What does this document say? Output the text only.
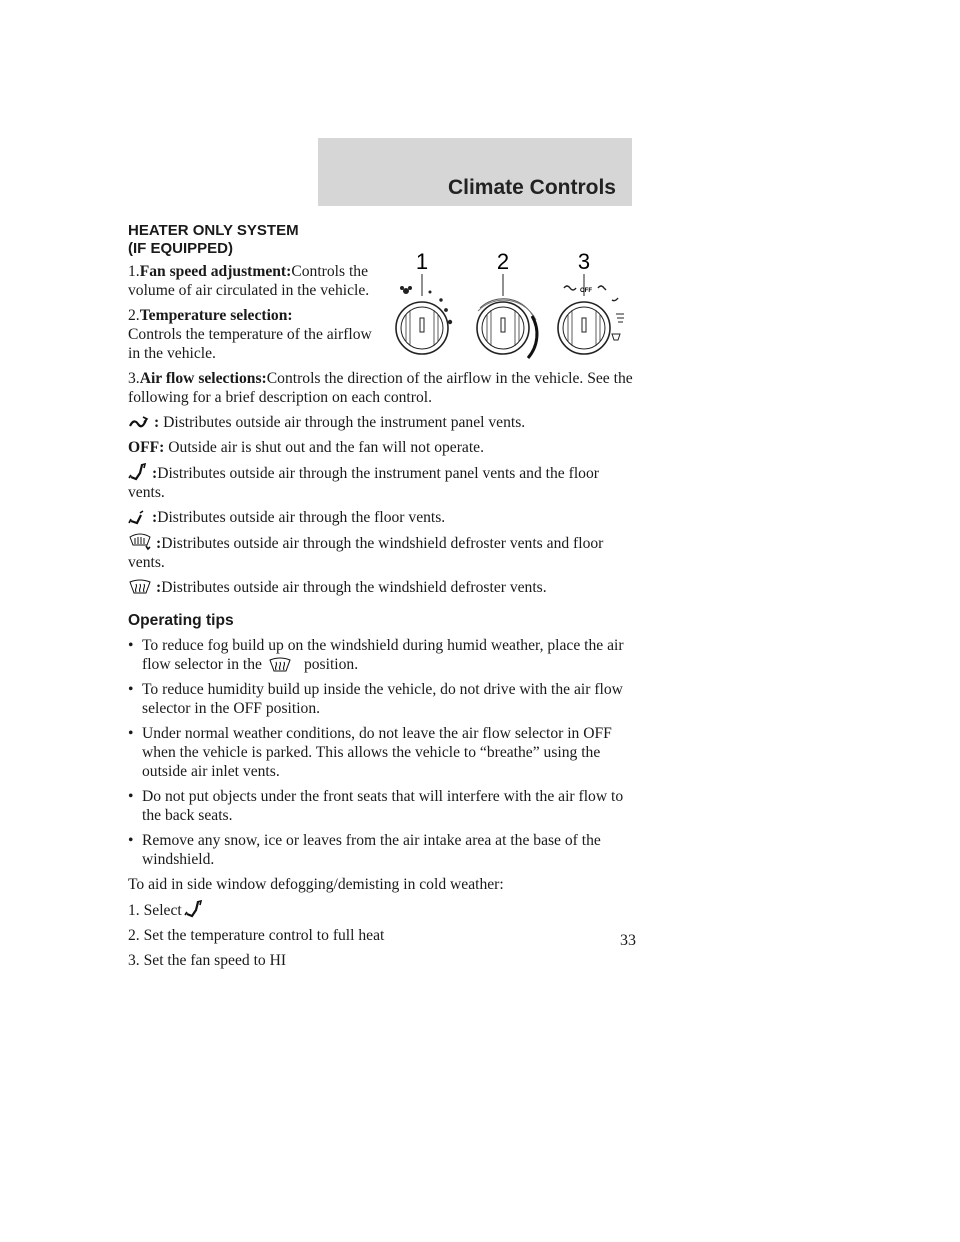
Climate Controls
1	2	3
OFF
HEATER ONLY SYSTEM
(IF EQUIPPED)

1.Fan speed adjustment:Controls the volume of air circulated in the vehicle.

2.Temperature selection:
Controls the temperature of the airflow in the vehicle.

3.Air flow selections:Controls the direction of the airflow in the vehicle. See the following for a brief description on each control.

: Distributes outside air through the instrument panel vents.

OFF: Outside air is shut out and the fan will not operate.

:Distributes outside air through the instrument panel vents and the floor vents.

:Distributes outside air through the floor vents.

:Distributes outside air through the windshield defroster vents and floor vents.

:Distributes outside air through the windshield defroster vents.

Operating tips
• To reduce fog build up on the windshield during humid weather, place the air flow selector in the	position.
• To reduce humidity build up inside the vehicle, do not drive with the air flow selector in the OFF position.
• Under normal weather conditions, do not leave the air flow selector in OFF when the vehicle is parked. This allows the vehicle to “breathe” using the outside air inlet vents.
• Do not put objects under the front seats that will interfere with the air flow to the back seats.
• Remove any snow, ice or leaves from the air intake area at the base of the windshield.

To aid in side window defogging/demisting in cold weather:

1. Select

2. Set the temperature control to full heat

3. Set the fan speed to HI

33
